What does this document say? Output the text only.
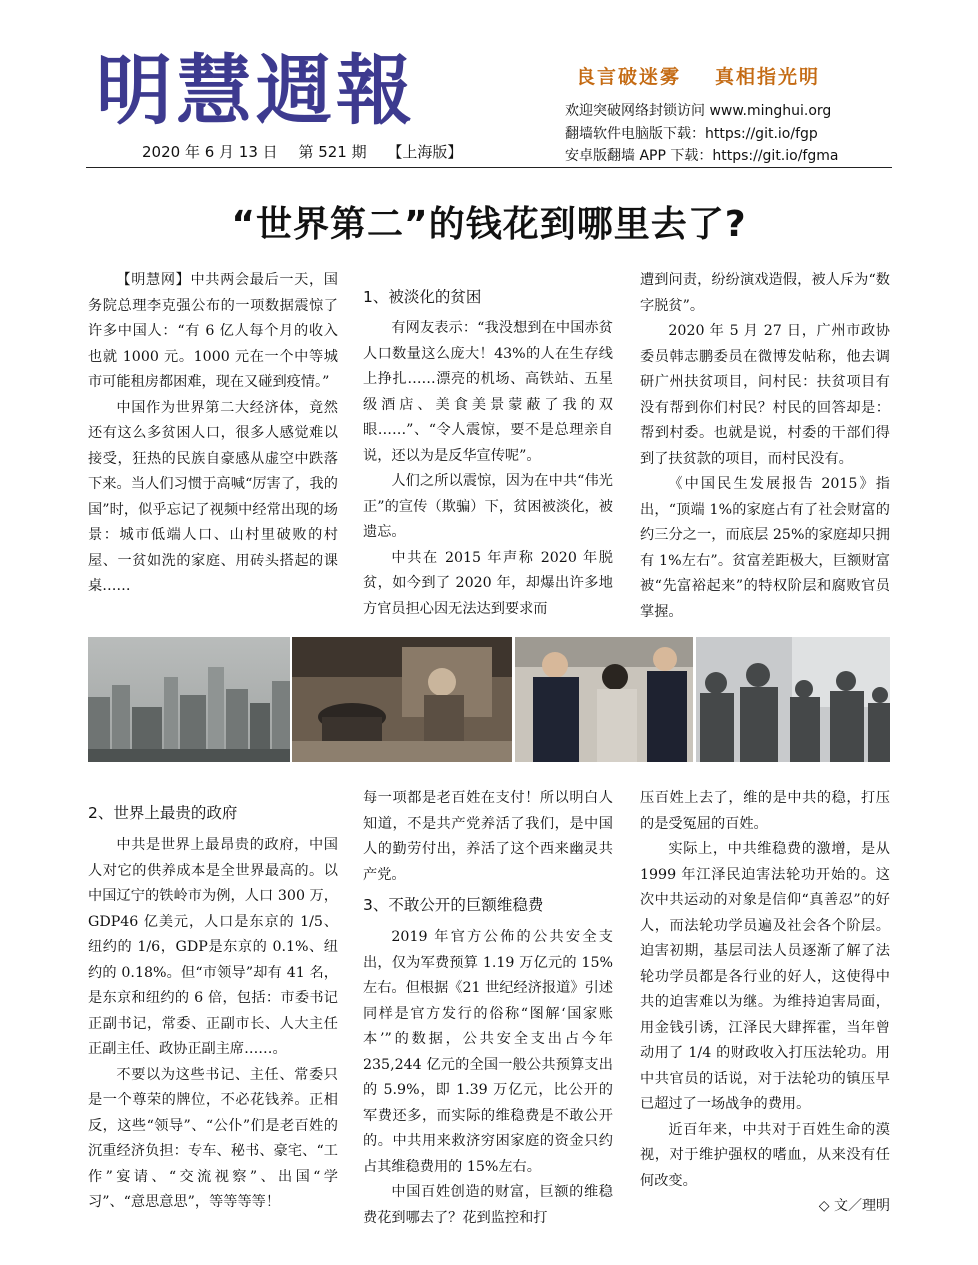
明慧週報
2020 年 6 月 13 日 第 521 期 【上海版】
良言破迷雾 真相指光明
欢迎突破网络封锁访问 www.minghui.org
翻墙软件电脑版下载：https://git.io/fgp
安卓版翻墙 APP 下载：https://git.io/fgma
“世界第二”的钱花到哪里去了?

【明慧网】中共两会最后一天，国务院总理李克强公布的一项数据震惊了许多中国人：“有 6 亿人每个月的收入也就 1000 元。1000 元在一个中等城市可能租房都困难，现在又碰到疫情。”

中国作为世界第二大经济体，竟然还有这么多贫困人口，很多人感觉难以接受，狂热的民族自豪感从虚空中跌落下来。当人们习惯于高喊“厉害了，我的国”时，似乎忘记了视频中经常出现的场景：城市低端人口、山村里破败的村屋、一贫如洗的家庭、用砖头搭起的课桌……

1、被淡化的贫困

有网友表示：“我没想到在中国赤贫人口数量这么庞大！43%的人在生存线上挣扎……漂亮的机场、高铁站、五星级酒店、美食美景蒙蔽了我的双眼……”、“令人震惊，要不是总理亲自说，还以为是反华宣传呢”。

人们之所以震惊，因为在中共“伟光正”的宣传（欺骗）下，贫困被淡化，被遗忘。

中共在 2015 年声称 2020 年脱贫，如今到了 2020 年，却爆出许多地方官员担心因无法达到要求而

遭到问责，纷纷演戏造假，被人斥为“数字脱贫”。

2020 年 5 月 27 日，广州市政协委员韩志鹏委员在微博发帖称，他去调研广州扶贫项目，问村民：扶贫项目有没有帮到你们村民？村民的回答却是：帮到村委。也就是说，村委的干部们得到了扶贫款的项目，而村民没有。

《中国民生发展报告 2015》指出，“顶端 1%的家庭占有了社会财富的约三分之一，而底层 25%的家庭却只拥有 1%左右”。贫富差距极大，巨额财富被“先富裕起来”的特权阶层和腐败官员掌握。

2、世界上最贵的政府

中共是世界上最昂贵的政府，中国人对它的供养成本是全世界最高的。以中国辽宁的铁岭市为例，人口 300 万，GDP46 亿美元，人口是东京的 1/5、纽约的 1/6，GDP是东京的 0.1%、纽约的 0.18%。但“市领导”却有 41 名，是东京和纽约的 6 倍，包括：市委书记正副书记，常委、正副市长、人大主任正副主任、政协正副主席……。

不要以为这些书记、主任、常委只是一个尊荣的牌位，不必花钱养。正相反，这些“领导”、“公仆”们是老百姓的沉重经济负担：专车、秘书、豪宅、“工作”宴请、“交流视察”、出国“学习”、“意思意思”，等等等等！

每一项都是老百姓在支付！所以明白人知道，不是共产党养活了我们，是中国人的勤劳付出，养活了这个西来幽灵共产党。

3、不敢公开的巨额维稳费

2019 年官方公佈的公共安全支出，仅为军费预算 1.19 万亿元的 15%左右。但根据《21 世纪经济报道》引述同样是官方发行的俗称“图解‘国家账本’”的数据，公共安全支出占今年 235,244 亿元的全国一般公共预算支出的 5.9%，即 1.39 万亿元，比公开的军费还多，而实际的维稳费是不敢公开的。中共用来救济穷困家庭的资金只约占其维稳费用的 15%左右。

中国百姓创造的财富，巨额的维稳费花到哪去了？花到监控和打

压百姓上去了，维的是中共的稳，打压的是受冤屈的百姓。

实际上，中共维稳费的激增，是从 1999 年江泽民迫害法轮功开始的。这次中共运动的对象是信仰“真善忍”的好人，而法轮功学员遍及社会各个阶层。迫害初期，基层司法人员逐渐了解了法轮功学员都是各行业的好人，这使得中共的迫害难以为继。为维持迫害局面，用金钱引诱，江泽民大肆挥霍，当年曾动用了 1/4 的财政收入打压法轮功。用中共官员的话说，对于法轮功的镇压早已超过了一场战争的费用。

近百年来，中共对于百姓生命的漠视，对于维护强权的嗜血，从来没有任何改变。

◇ 文／理明
